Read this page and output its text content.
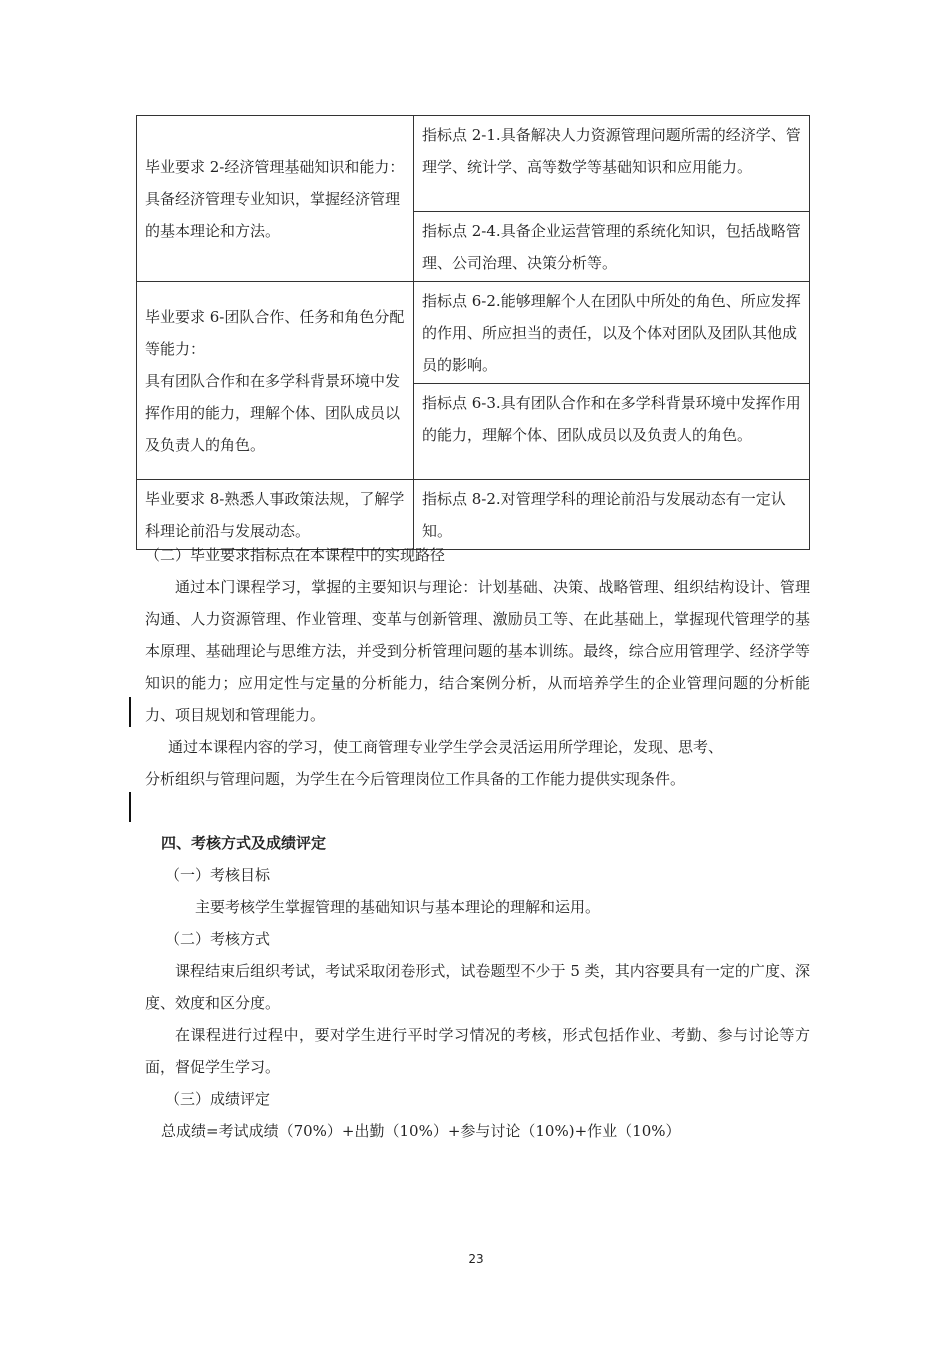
毕业要求 2-经济管理基础知识和能力：具备经济管理专业知识，掌握经济管理的基本理论和方法。	指标点 2-1.具备解决人力资源管理问题所需的经济学、管理学、统计学、高等数学等基础知识和应用能力。
	指标点 2-4.具备企业运营管理的系统化知识，包括战略管理、公司治理、决策分析等。

毕业要求 6-团队合作、任务和角色分配等能力：
具有团队合作和在多学科背景环境中发挥作用的能力，理解个体、团队成员以及负责人的角色。	指标点 6-2.能够理解个人在团队中所处的角色、所应发挥的作用、所应担当的责任，以及个体对团队及团队其他成员的影响。
	指标点 6-3.具有团队合作和在多学科背景环境中发挥作用的能力，理解个体、团队成员以及负责人的角色。
毕业要求 8-熟悉人事政策法规，了解学科理论前沿与发展动态。	指标点 8-2.对管理学科的理论前沿与发展动态有一定认知。
（二）毕业要求指标点在本课程中的实现路径
通过本门课程学习，掌握的主要知识与理论：计划基础、决策、战略管理、组织结构设计、管理沟通、人力资源管理、作业管理、变革与创新管理、激励员工等、在此基础上，掌握现代管理学的基本原理、基础理论与思维方法，并受到分析管理问题的基本训练。最终，综合应用管理学、经济学等知识的能力；应用定性与定量的分析能力，结合案例分析，从而培养学生的企业管理问题的分析能力、项目规划和管理能力。
通过本课程内容的学习，使工商管理专业学生学会灵活运用所学理论，发现、思考、
分析组织与管理问题，为学生在今后管理岗位工作具备的工作能力提供实现条件。
四、考核方式及成绩评定
（一）考核目标
主要考核学生掌握管理的基础知识与基本理论的理解和运用。
（二）考核方式
课程结束后组织考试，考试采取闭卷形式，试卷题型不少于 5 类，其内容要具有一定的广度、深度、效度和区分度。
在课程进行过程中，要对学生进行平时学习情况的考核，形式包括作业、考勤、参与讨论等方面，督促学生学习。
（三）成绩评定
总成绩=考试成绩（70%）+出勤（10%）+参与讨论（10%)+作业（10%）
23
